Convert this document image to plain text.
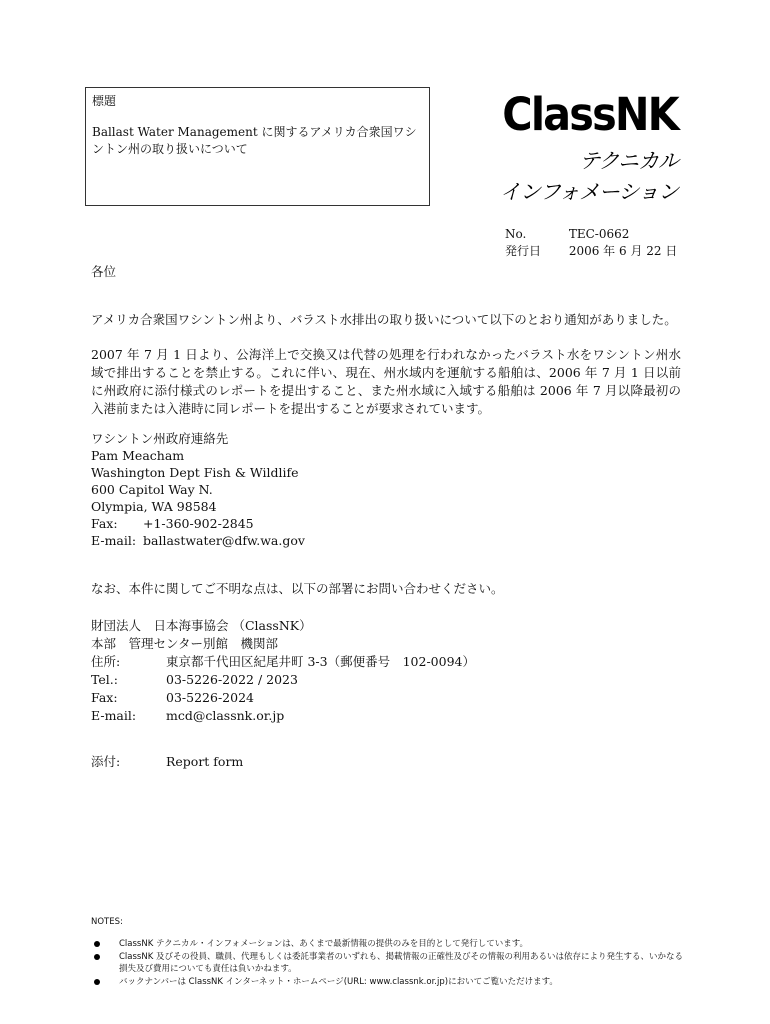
標題
Ballast Water Management に関するアメリカ合衆国ワシントン州の取り扱いについて
ClassNK
テクニカル
インフォメーション
No.	TEC-0662
発行日 2006 年 6 月 22 日
各位
アメリカ合衆国ワシントン州より、バラスト水排出の取り扱いについて以下のとおり通知がありました。
2007 年 7 月 1 日より、公海洋上で交換又は代替の処理を行われなかったバラスト水をワシントン州水域で排出することを禁止する。これに伴い、現在、州水域内を運航する船舶は、2006 年 7 月 1 日以前に州政府に添付様式のレポートを提出すること、また州水域に入域する船舶は 2006 年 7 月以降最初の入港前または入港時に同レポートを提出することが要求されています。
ワシントン州政府連絡先
Pam Meacham
Washington Dept Fish & Wildlife
600 Capitol Way N.
Olympia, WA 98584
Fax: +1-360-902-2845
E-mail: ballastwater@dfw.wa.gov
なお、本件に関してご不明な点は、以下の部署にお問い合わせください。
財団法人　日本海事協会 （ClassNK）
本部　管理センター別館　機関部
住所:	東京都千代田区紀尾井町 3-3（郵便番号　102-0094）
Tel.:	03-5226-2022 / 2023
Fax:	03-5226-2024
E-mail: mcd@classnk.or.jp
添付:	Report form
NOTES:
ClassNK テクニカル・インフォメーションは、あくまで最新情報の提供のみを目的として発行しています。
ClassNK 及びその役員、職員、代理もしくは委託事業者のいずれも、掲載情報の正確性及びその情報の利用あるいは依存により発生する、いかなる損失及び費用についても責任は負いかねます。
バックナンバーは ClassNK インターネット・ホームページ(URL: www.classnk.or.jp)においてご覧いただけます。
